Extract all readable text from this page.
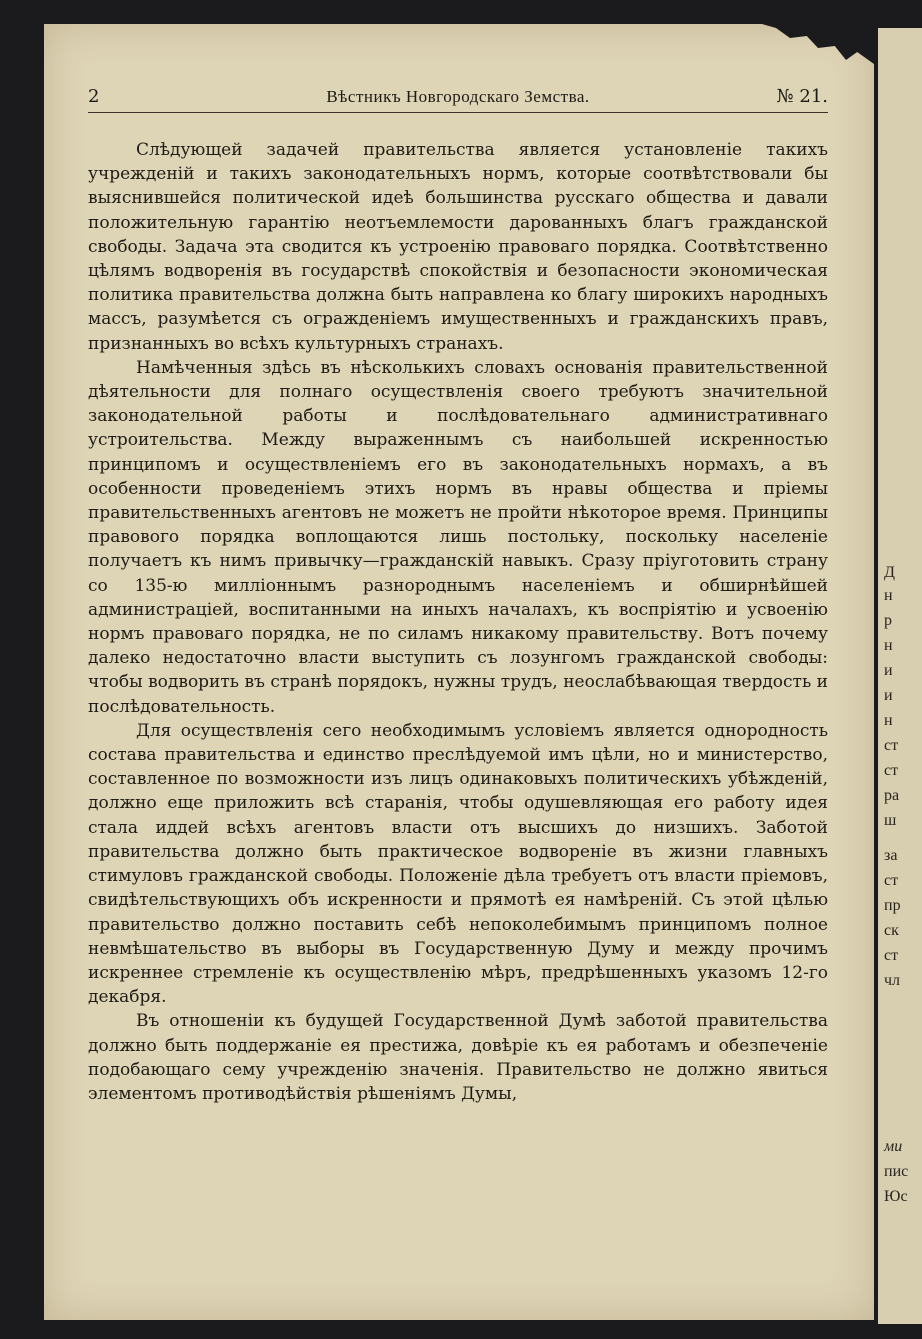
Д
н
р
н
и
и
н
ст
ст
ра
ш
за
ст
пр
ск
ст
чл
ми
пис
Юс
2	Вѣстникъ Новгородскаго Земства.	№ 21.

Слѣдующей задачей правительства является установленіе такихъ учрежденій и такихъ законодательныхъ нормъ, которые соотвѣтствовали бы выяснившейся политической идеѣ большинства русскаго общества и давали положительную гарантію неотъемлемости дарованныхъ благъ гражданской свободы. Задача эта сводится къ устроенію правоваго порядка. Соотвѣтственно цѣлямъ водворенія въ государствѣ спокойствія и безопасности экономическая политика правительства должна быть направлена ко благу широкихъ народныхъ массъ, разумѣется съ огражденіемъ имущественныхъ и гражданскихъ правъ, признанныхъ во всѣхъ культурныхъ странахъ.

Намѣченныя здѣсь въ нѣсколькихъ словахъ основанія правительственной дѣятельности для полнаго осуществленія своего требуютъ значительной законодательной работы и послѣдовательнаго административнаго устроительства. Между выраженнымъ съ наибольшей искренностью принципомъ и осуществленіемъ его въ законодательныхъ нормахъ, а въ особенности проведеніемъ этихъ нормъ въ нравы общества и пріемы правительственныхъ агентовъ не можетъ не пройти нѣкоторое время. Принципы правового порядка воплощаются лишь постольку, поскольку населеніе получаетъ къ нимъ привычку—гражданскій навыкъ. Сразу пріуготовить страну со 135-ю милліоннымъ разнороднымъ населеніемъ и обширнѣйшей администраціей, воспитанными на иныхъ началахъ, къ воспріятію и усвоенію нормъ правоваго порядка, не по силамъ никакому правительству. Вотъ почему далеко недостаточно власти выступить съ лозунгомъ гражданской свободы: чтобы водворить въ странѣ порядокъ, нужны трудъ, неослабѣвающая твердость и послѣдовательность.

Для осуществленія сего необходимымъ условіемъ является однородность состава правительства и единство преслѣдуемой имъ цѣли, но и министерство, составленное по возможности изъ лицъ одинаковыхъ политическихъ убѣжденій, должно еще приложить всѣ старанія, чтобы одушевляющая его работу идея стала иддей всѣхъ агентовъ власти отъ высшихъ до низшихъ. Заботой правительства должно быть практическое водвореніе въ жизни главныхъ стимуловъ гражданской свободы. Положеніе дѣла требуетъ отъ власти пріемовъ, свидѣтельствующихъ объ искренности и прямотѣ ея намѣреній. Съ этой цѣлью правительство должно поставить себѣ непоколебимымъ принципомъ полное невмѣшательство въ выборы въ Государственную Думу и между прочимъ искреннее стремленіе къ осуществленію мѣръ, предрѣшенныхъ указомъ 12-го декабря.

Въ отношеніи къ будущей Государственной Думѣ заботой правительства должно быть поддержаніе ея престижа, довѣріе къ ея работамъ и обезпеченіе подобающаго сему учрежденію значенія. Правительство не должно явиться элементомъ противодѣйствія рѣшеніямъ Думы,
